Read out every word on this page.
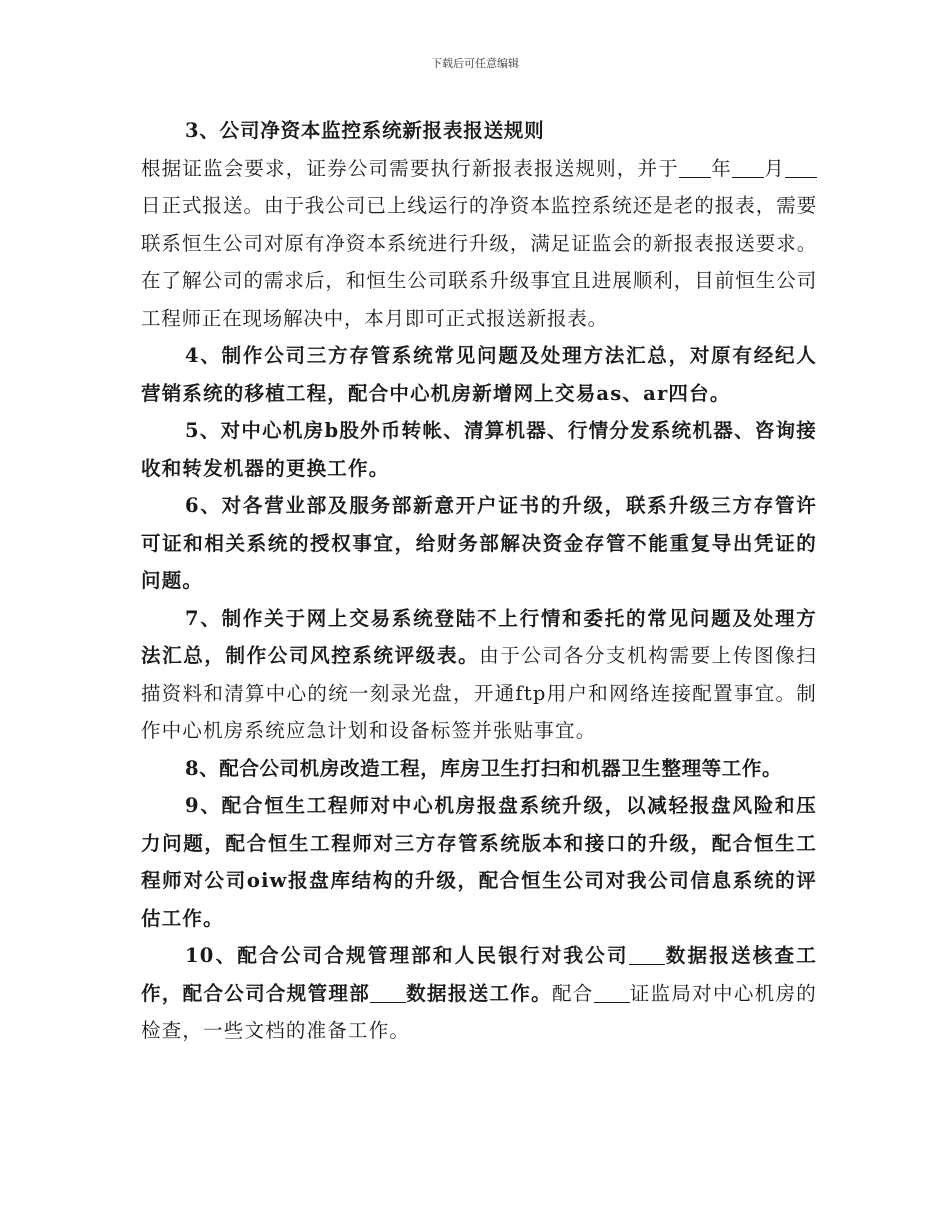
下载后可任意编辑

3、公司净资本监控系统新报表报送规则
根据证监会要求，证券公司需要执行新报表报送规则，并于 年 月日正式报送。由于我公司已上线运行的净资本监控系统还是老的报表，需要联系恒生公司对原有净资本系统进行升级，满足证监会的新报表报送要求。在了解公司的需求后，和恒生公司联系升级事宜且进展顺利，目前恒生公司工程师正在现场解决中，本月即可正式报送新报表。

4、制作公司三方存管系统常见问题及处理方法汇总，对原有经纪人营销系统的移植工程，配合中心机房新增网上交易as、ar四台。

5、对中心机房b股外币转帐、清算机器、行情分发系统机器、咨询接收和转发机器的更换工作。

6、对各营业部及服务部新意开户证书的升级，联系升级三方存管许可证和相关系统的授权事宜，给财务部解决资金存管不能重复导出凭证的问题。

7、制作关于网上交易系统登陆不上行情和委托的常见问题及处理方法汇总，制作公司风控系统评级表。由于公司各分支机构需要上传图像扫描资料和清算中心的统一刻录光盘，开通ftp用户和网络连接配置事宜。制作中心机房系统应急计划和设备标签并张贴事宜。

8、配合公司机房改造工程，库房卫生打扫和机器卫生整理等工作。

9、配合恒生工程师对中心机房报盘系统升级，以减轻报盘风险和压力问题，配合恒生工程师对三方存管系统版本和接口的升级，配合恒生工程师对公司oiw报盘库结构的升级，配合恒生公司对我公司信息系统的评估工作。

10、配合公司合规管理部和人民银行对我公司 数据报送核查工作，配合公司合规管理部 数据报送工作。配合 证监局对中心机房的检查，一些文档的准备工作。
